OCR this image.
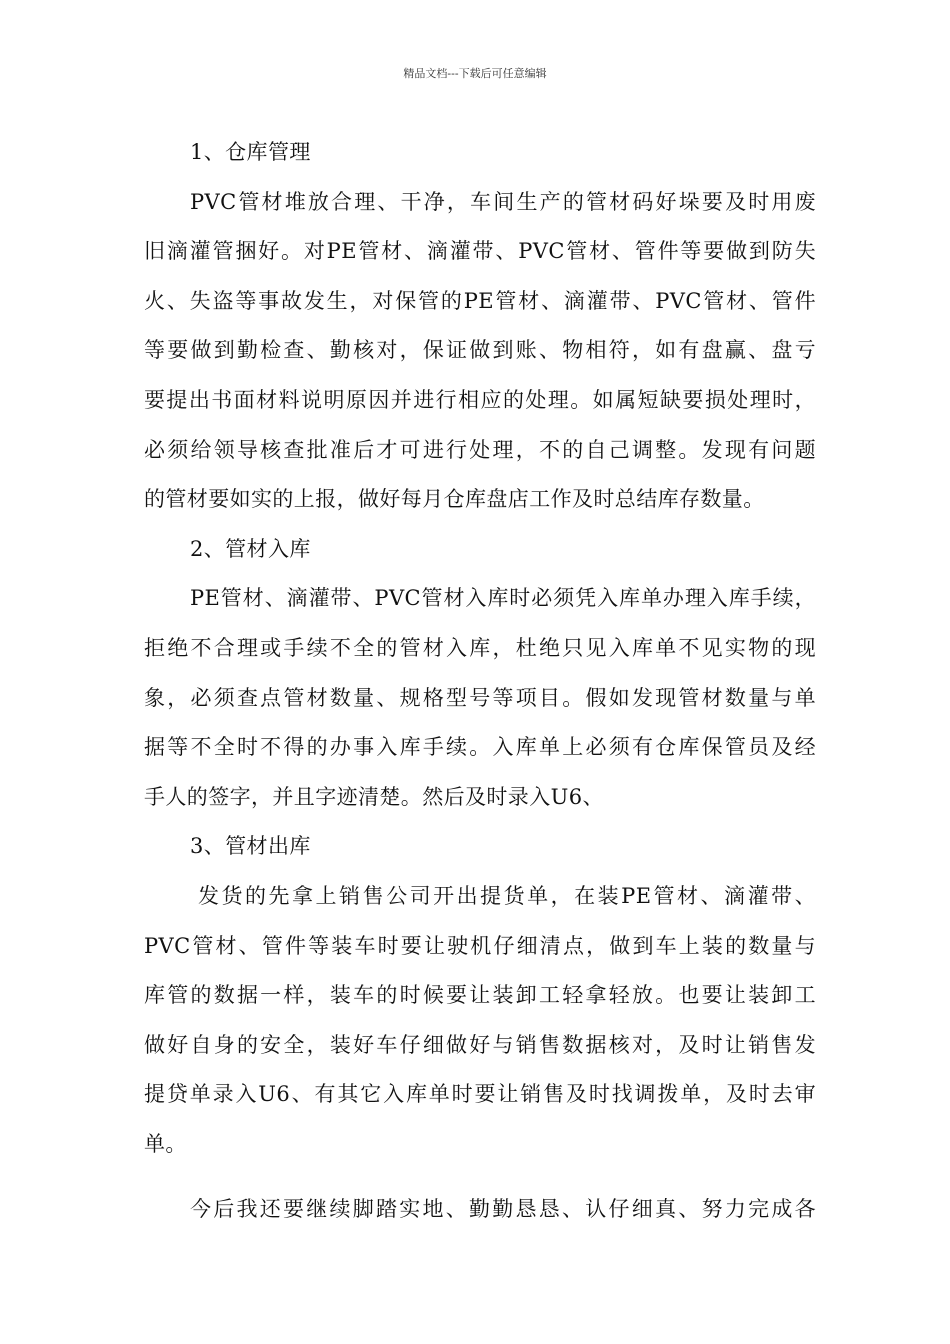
精品文档---下载后可任意编辑
1、仓库管理
PVC管材堆放合理、干净，车间生产的管材码好垛要及时用废
旧滴灌管捆好。对PE管材、滴灌带、PVC管材、管件等要做到防失
火、失盗等事故发生，对保管的PE管材、滴灌带、PVC管材、管件
等要做到勤检查、勤核对，保证做到账、物相符，如有盘赢、盘亏
要提出书面材料说明原因并进行相应的处理。如属短缺要损处理时，
必须给领导核查批准后才可进行处理，不的自己调整。发现有问题
的管材要如实的上报，做好每月仓库盘店工作及时总结库存数量。
2、管材入库
PE管材、滴灌带、PVC管材入库时必须凭入库单办理入库手续，
拒绝不合理或手续不全的管材入库，杜绝只见入库单不见实物的现
象，必须查点管材数量、规格型号等项目。假如发现管材数量与单
据等不全时不得的办事入库手续。入库单上必须有仓库保管员及经
手人的签字，并且字迹清楚。然后及时录入U6、
3、管材出库
发货的先拿上销售公司开出提货单，在装PE管材、滴灌带、
PVC管材、管件等装车时要让驶机仔细清点，做到车上装的数量与
库管的数据一样，装车的时候要让装卸工轻拿轻放。也要让装卸工
做好自身的安全，装好车仔细做好与销售数据核对，及时让销售发
提贷单录入U6、有其它入库单时要让销售及时找调拨单，及时去审
单。
今后我还要继续脚踏实地、勤勤恳恳、认仔细真、努力完成各
